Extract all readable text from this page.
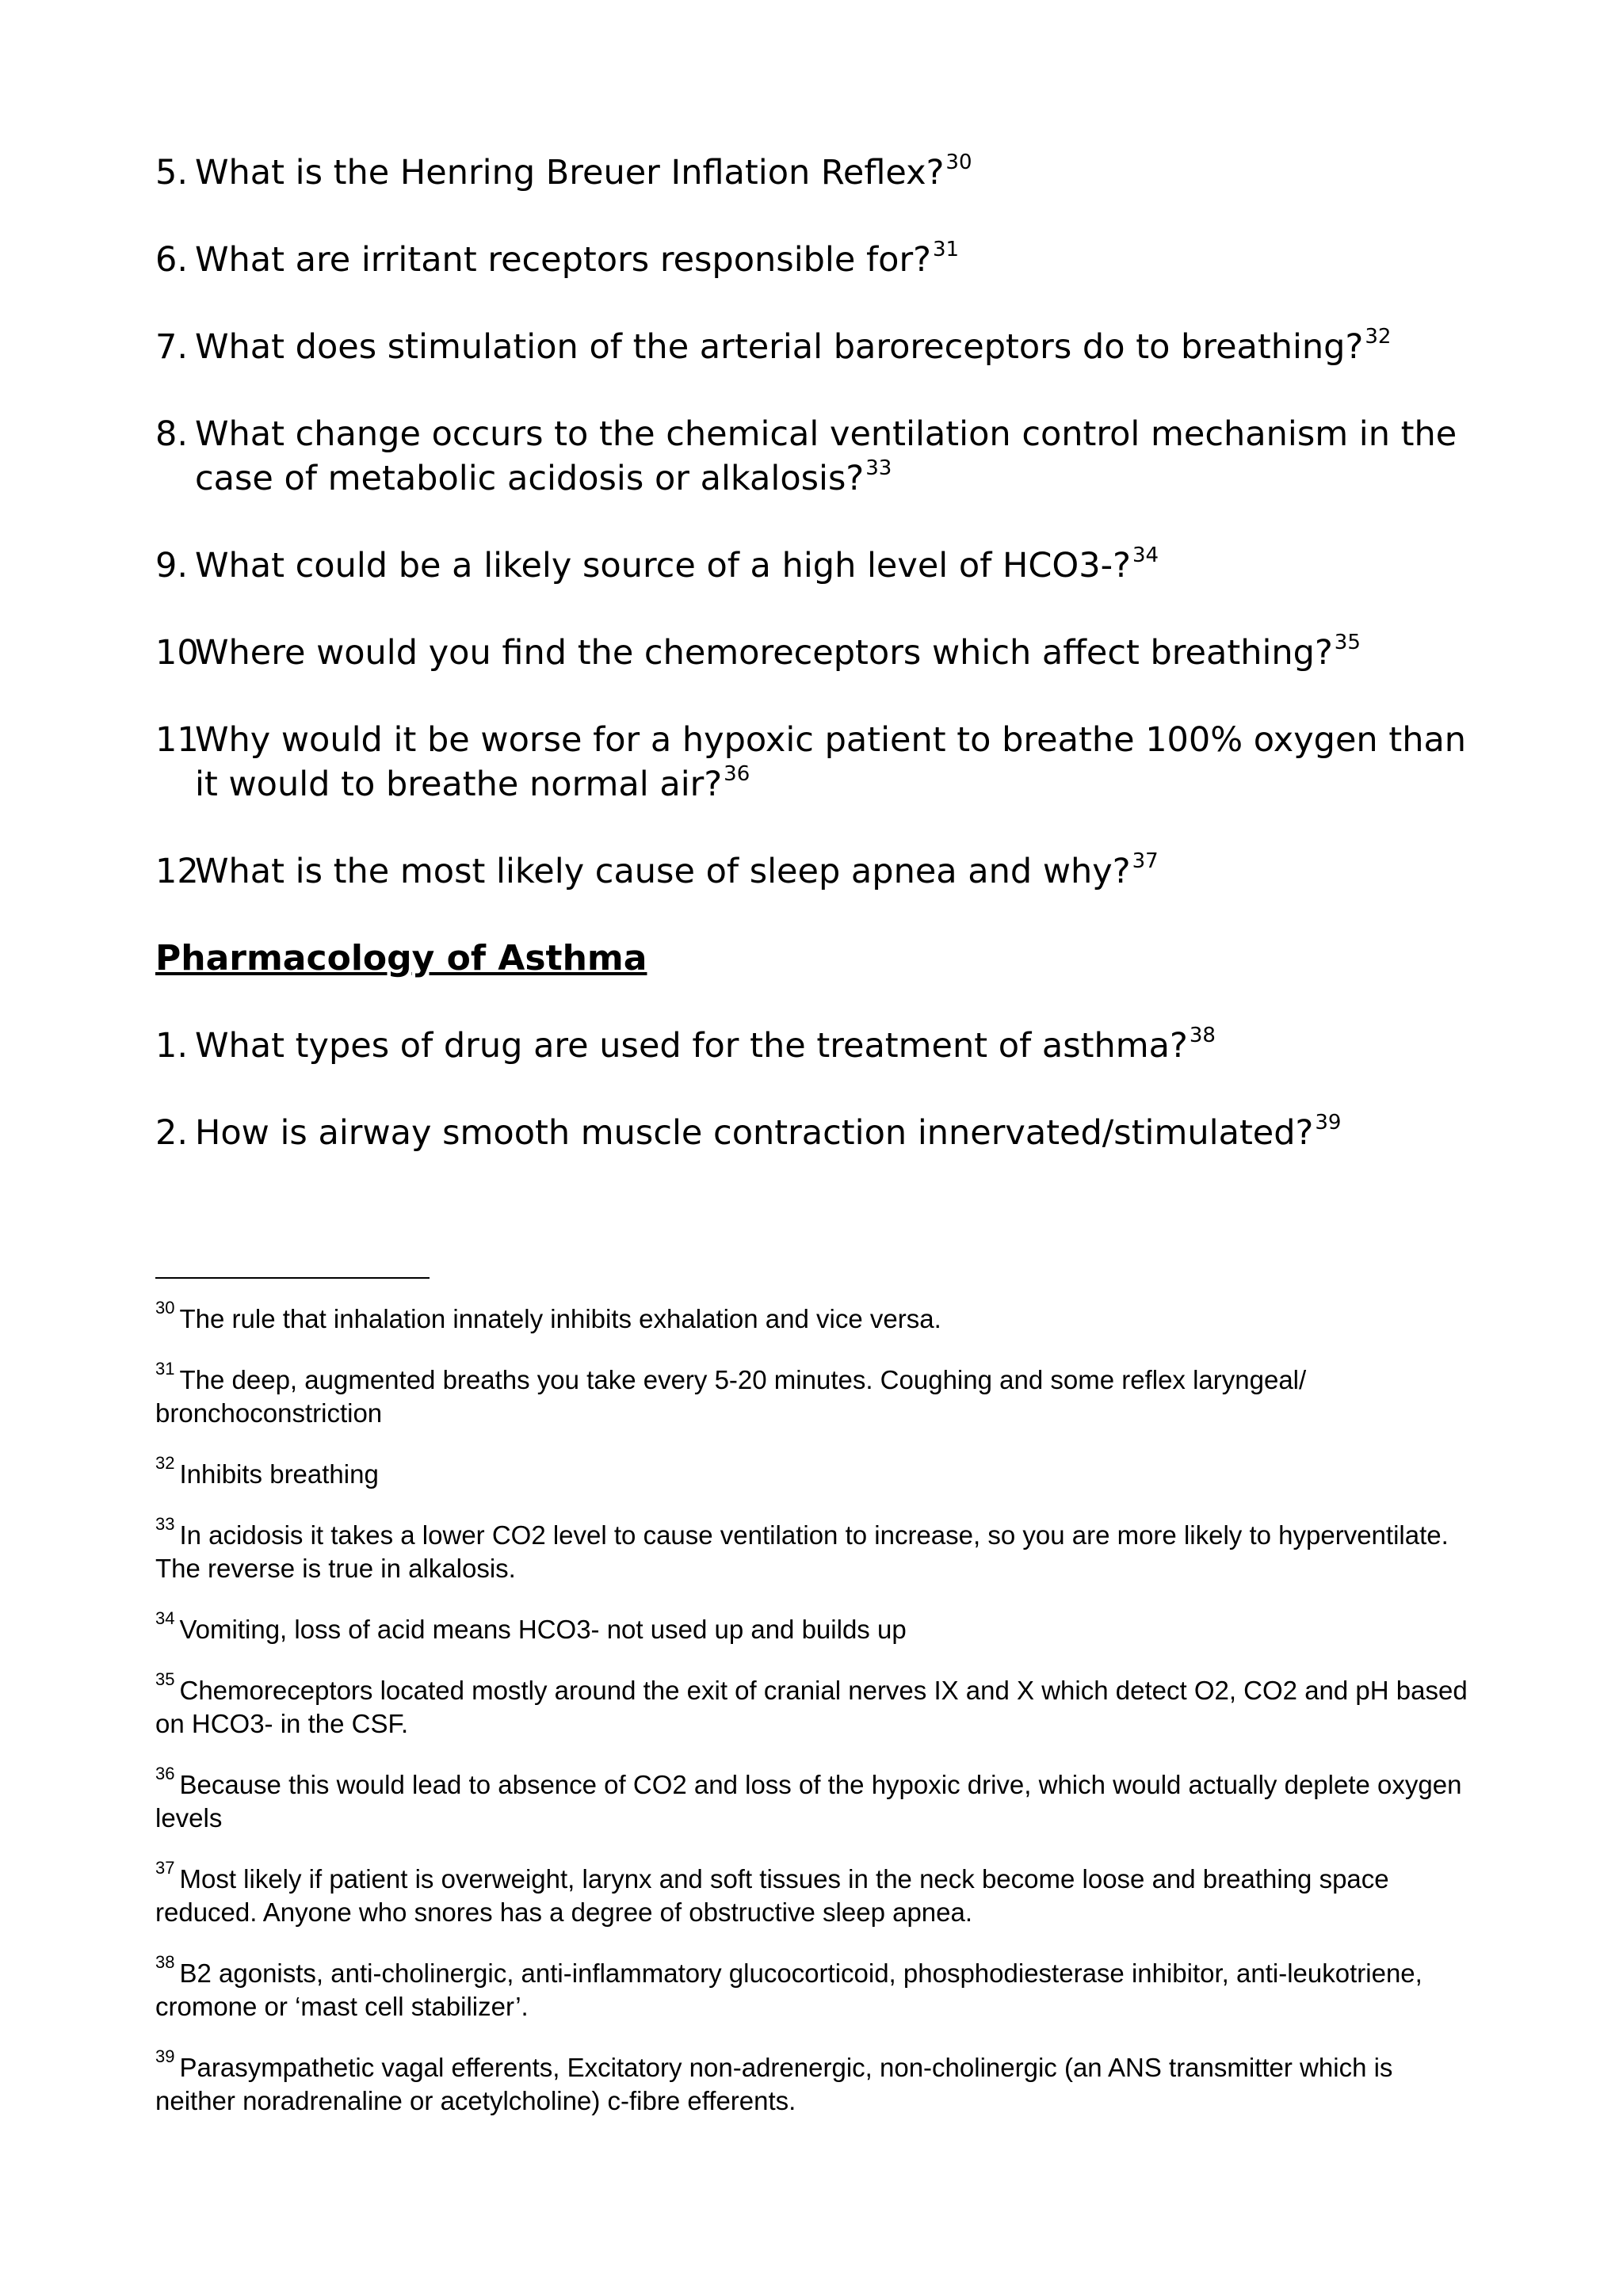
5. What is the Henring Breuer Inflation Reflex?$^{30}$
6. What are irritant receptors responsible for?$^{31}$
7. What does stimulation of the arterial baroreceptors do to breathing?$^{32}$
8. What change occurs to the chemical ventilation control mechanism in the case of metabolic acidosis or alkalosis?$^{33}$
9. What could be a likely source of a high level of HCO3-?$^{34}$
10.
Where would you find the chemoreceptors which affect breathing?$^{35}$
11.
Why would it be worse for a hypoxic patient to breathe 100% oxygen than it would to breathe normal air?$^{36}$
12.
What is the most likely cause of sleep apnea and why?$^{37}$
Pharmacology of Asthma
1. What types of drug are used for the treatment of asthma?$^{38}$
2. How is airway smooth muscle contraction innervated/stimulated?$^{39}$
$^{30}$ The rule that inhalation innately inhibits exhalation and vice versa.
$^{31}$ The deep, augmented breaths you take every 5-20 minutes. Coughing and some reflex laryngeal/ bronchoconstriction
$^{32}$ Inhibits breathing
$^{33}$ In acidosis it takes a lower CO2 level to cause ventilation to increase, so you are more likely to hyperventilate. The reverse is true in alkalosis.
$^{34}$ Vomiting, loss of acid means HCO3- not used up and builds up
$^{35}$ Chemoreceptors located mostly around the exit of cranial nerves IX and X which detect O2, CO2 and pH based on HCO3- in the CSF.
$^{36}$ Because this would lead to absence of CO2 and loss of the hypoxic drive, which would actually deplete oxygen levels
$^{37}$ Most likely if patient is overweight, larynx and soft tissues in the neck become loose and breathing space reduced. Anyone who snores has a degree of obstructive sleep apnea.
$^{38}$ B2 agonists, anti-cholinergic, anti-inflammatory glucocorticoid, phosphodiesterase inhibitor, anti-leukotriene, cromone or ‘mast cell stabilizer’.
$^{39}$ Parasympathetic vagal efferents, Excitatory non-adrenergic, non-cholinergic (an ANS transmitter which is neither noradrenaline or acetylcholine) c-fibre efferents.
